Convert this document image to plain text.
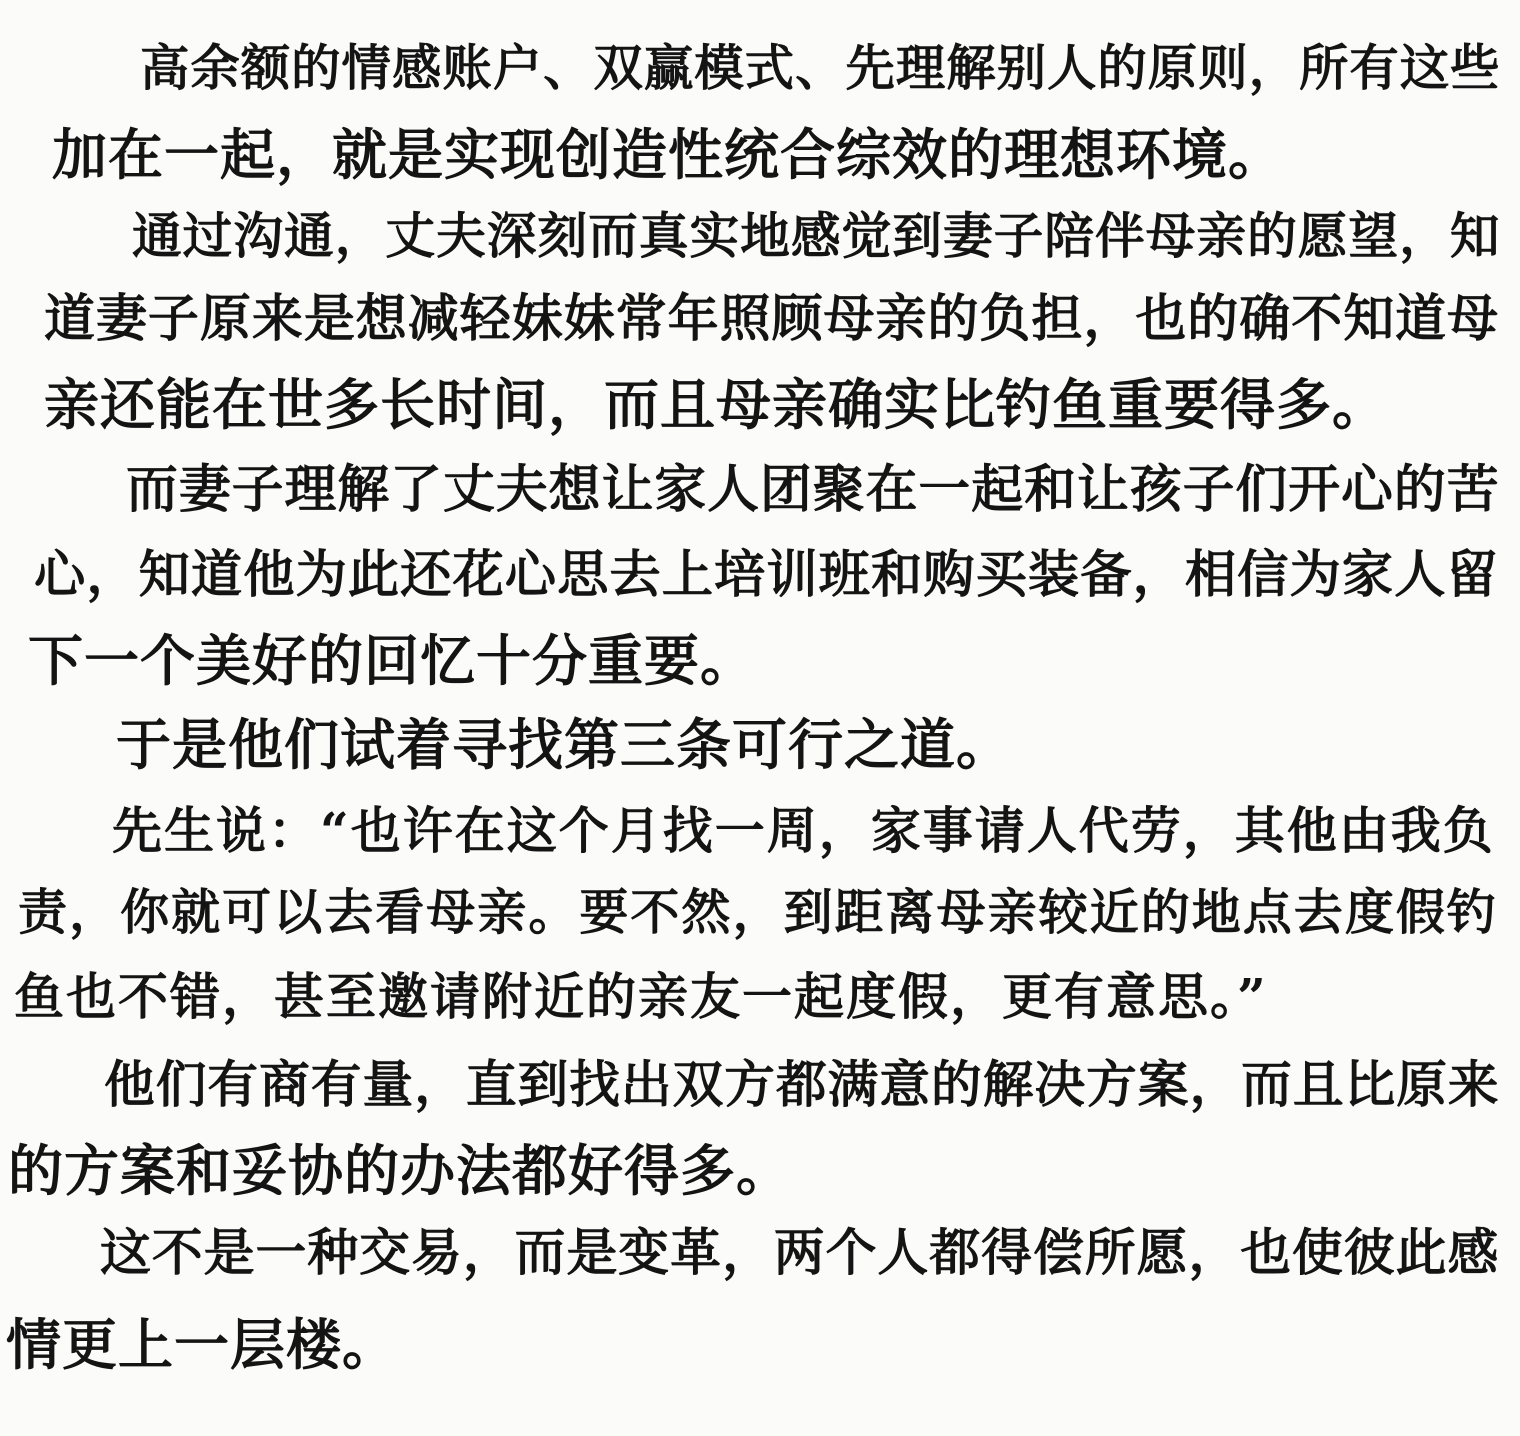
高余额的情感账户、双赢模式、先理解别人的原则，所有这些
加在一起，就是实现创造性统合综效的理想环境。
通过沟通，丈夫深刻而真实地感觉到妻子陪伴母亲的愿望，知
道妻子原来是想减轻妹妹常年照顾母亲的负担，也的确不知道母
亲还能在世多长时间，而且母亲确实比钓鱼重要得多。
而妻子理解了丈夫想让家人团聚在一起和让孩子们开心的苦
心，知道他为此还花心思去上培训班和购买装备，相信为家人留
下一个美好的回忆十分重要。
于是他们试着寻找第三条可行之道。
先生说：“也许在这个月找一周，家事请人代劳，其他由我负
责，你就可以去看母亲。要不然，到距离母亲较近的地点去度假钓
鱼也不错，甚至邀请附近的亲友一起度假，更有意思。”
他们有商有量，直到找出双方都满意的解决方案，而且比原来
的方案和妥协的办法都好得多。
这不是一种交易，而是变革，两个人都得偿所愿，也使彼此感
情更上一层楼。
